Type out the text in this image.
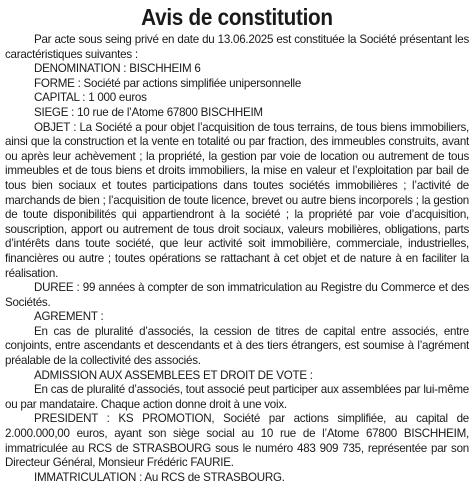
Avis de constitution

Par acte sous seing privé en date du 13.06.2025 est constituée la Société présentant les caractéristiques suivantes :

DENOMINATION : BISCHHEIM 6

FORME : Société par actions simplifiée unipersonnelle

CAPITAL : 1 000 euros

SIEGE : 10 rue de l’Atome 67800 BISCHHEIM

OBJET : La Société a pour objet l’acquisition de tous terrains, de tous biens immobiliers, ainsi que la construction et la vente en totalité ou par fraction, des immeubles construits, avant ou après leur achèvement ; la propriété, la gestion par voie de location ou autrement de tous immeubles et de tous biens et droits immobiliers, la mise en valeur et l’exploitation par bail de tous bien sociaux et toutes participations dans toutes sociétés immobilières ; l’activité de marchands de bien ; l’acquisition de toute licence, brevet ou autre biens incorporels ; la gestion de toute disponibilités qui appartiendront à la société ; la propriété par voie d’acquisition, souscription, apport ou autrement de tous droit sociaux, valeurs mobilières, obligations, parts d’intérêts dans toute société, que leur activité soit immobilière, commerciale, industrielles, financières ou autre ; toutes opérations se rattachant à cet objet et de nature à en faciliter la réalisation.

DUREE : 99 années à compter de son immatriculation au Registre du Commerce et des Sociétés.

AGREMENT :

En cas de pluralité d’associés, la cession de titres de capital entre associés, entre conjoints, entre ascendants et descendants et à des tiers étrangers, est soumise à l’agrément préalable de la collectivité des associés.

ADMISSION AUX ASSEMBLEES ET DROIT DE VOTE :

En cas de pluralité d’associés, tout associé peut participer aux assemblées par lui-même ou par mandataire. Chaque action donne droit à une voix.

PRESIDENT : KS PROMOTION, Société par actions simplifiée, au capital de 2.000.000,00 euros, ayant son siège social au 10 rue de l’Atome 67800 BISCHHEIM, immatriculée au RCS de STRASBOURG sous le numéro 483 909 735, représentée par son Directeur Général, Monsieur Frédéric FAURIE.

IMMATRICULATION : Au RCS de STRASBOURG.
